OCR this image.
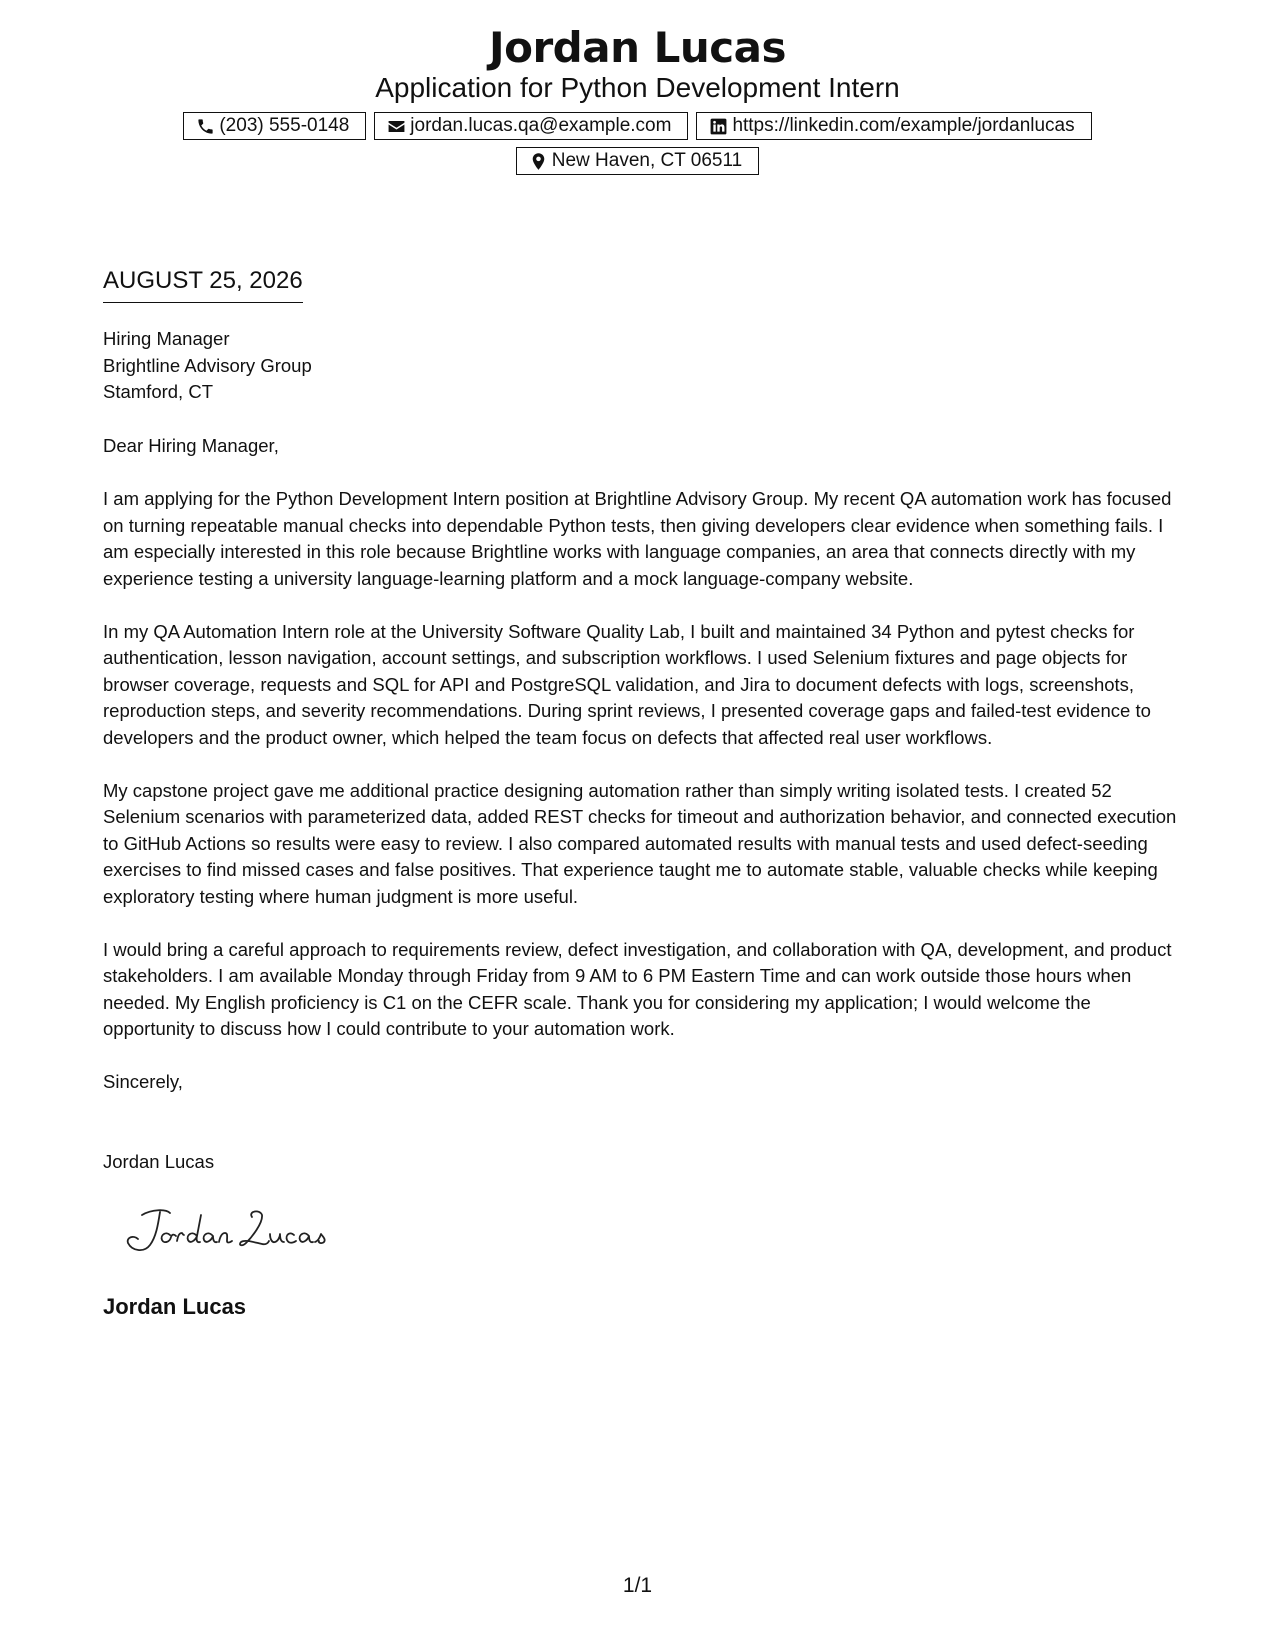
Jordan Lucas
Application for Python Development Intern
(203) 555-0148	jordan.lucas.qa@example.com	https://linkedin.com/example/jordanlucas
New Haven, CT 06511
AUGUST 25, 2026
Hiring Manager
Brightline Advisory Group
Stamford, CT

Dear Hiring Manager,

I am applying for the Python Development Intern position at Brightline Advisory Group. My recent QA automation work has focused on turning repeatable manual checks into dependable Python tests, then giving developers clear evidence when something fails. I am especially interested in this role because Brightline works with language companies, an area that connects directly with my experience testing a university language-learning platform and a mock language-company website.

In my QA Automation Intern role at the University Software Quality Lab, I built and maintained 34 Python and pytest checks for authentication, lesson navigation, account settings, and subscription workflows. I used Selenium fixtures and page objects for browser coverage, requests and SQL for API and PostgreSQL validation, and Jira to document defects with logs, screenshots, reproduction steps, and severity recommendations. During sprint reviews, I presented coverage gaps and failed-test evidence to developers and the product owner, which helped the team focus on defects that affected real user workflows.

My capstone project gave me additional practice designing automation rather than simply writing isolated tests. I created 52 Selenium scenarios with parameterized data, added REST checks for timeout and authorization behavior, and connected execution to GitHub Actions so results were easy to review. I also compared automated results with manual tests and used defect-seeding exercises to find missed cases and false positives. That experience taught me to automate stable, valuable checks while keeping exploratory testing where human judgment is more useful.

I would bring a careful approach to requirements review, defect investigation, and collaboration with QA, development, and product stakeholders. I am available Monday through Friday from 9 AM to 6 PM Eastern Time and can work outside those hours when needed. My English proficiency is C1 on the CEFR scale. Thank you for considering my application; I would welcome the opportunity to discuss how I could contribute to your automation work.

Sincerely,
Jordan Lucas
Jordan Lucas
1/1
